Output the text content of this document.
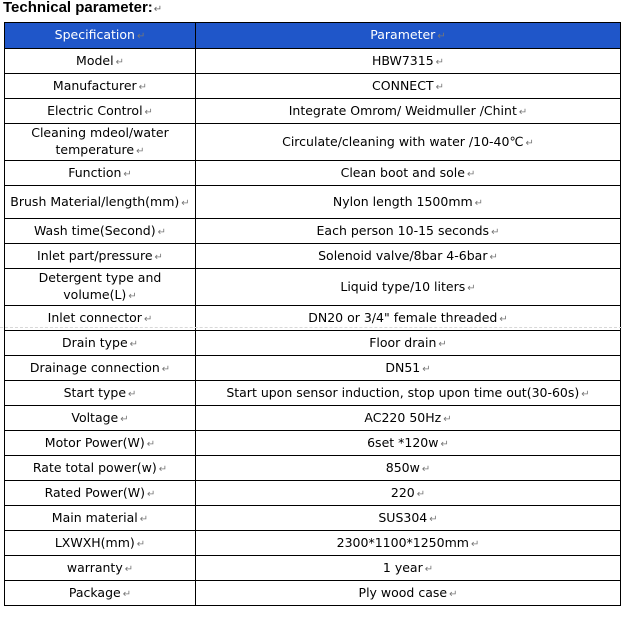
Technical parameter:↵
Specification ↵	Parameter ↵
Model ↵	HBW7315 ↵
Manufacturer ↵	CONNECT ↵
Electric Control ↵	Integrate Omrom/ Weidmuller /Chint ↵
Cleaning mdeol/water temperature ↵	Circulate/cleaning with water /10-40℃ ↵
Function ↵	Clean boot and sole ↵
Brush Material/length(mm) ↵	Nylon length 1500mm ↵
Wash time(Second) ↵	Each person 10-15 seconds ↵
Inlet part/pressure ↵	Solenoid valve/8bar 4-6bar ↵
Detergent type and volume(L) ↵	Liquid type/10 liters ↵
Inlet connector ↵	DN20 or 3/4" female threaded ↵
Drain type ↵	Floor drain ↵
Drainage connection ↵	DN51 ↵
Start type ↵	Start upon sensor induction, stop upon time out(30-60s) ↵
Voltage ↵	AC220 50Hz ↵
Motor Power(W) ↵	6set *120w ↵
Rate total power(w) ↵	850w ↵
Rated Power(W) ↵	220 ↵
Main material ↵	SUS304 ↵
LXWXH(mm) ↵	2300*1100*1250mm ↵
warranty ↵	1 year ↵
Package ↵	Ply wood case ↵
